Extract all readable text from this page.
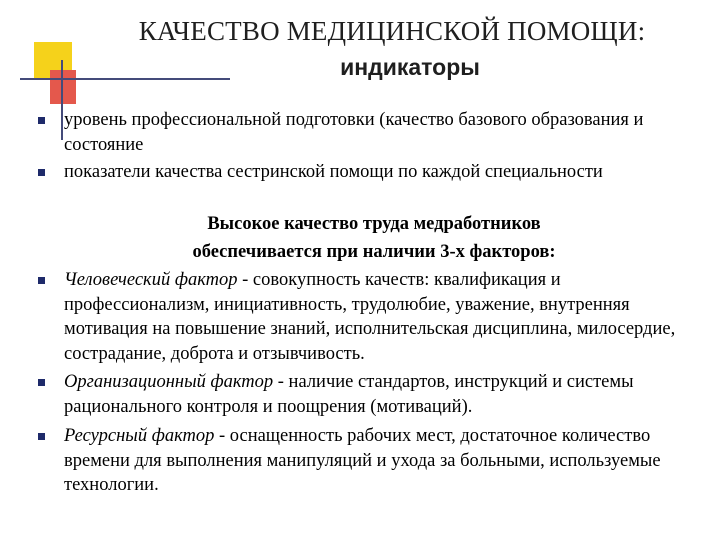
КАЧЕСТВО МЕДИЦИНСКОЙ ПОМОЩИ:
индикаторы
уровень профессиональной подготовки (качество базового образования и состояние
показатели качества сестринской помощи по каждой специальности
Высокое качество труда медработников
обеспечивается при наличии 3-х факторов:
Человеческий фактор - совокупность качеств: квалификация и профессионализм, инициативность, трудолюбие, уважение, внутренняя мотивация на повышение знаний, исполнительская дисциплина, милосердие, сострадание, доброта и отзывчивость.
Организационный фактор - наличие стандартов, инструкций и системы рационального контроля и поощрения (мотиваций).
Ресурсный фактор - оснащенность рабочих мест, достаточное количество времени для выполнения манипуляций и ухода за больными, используемые технологии.
